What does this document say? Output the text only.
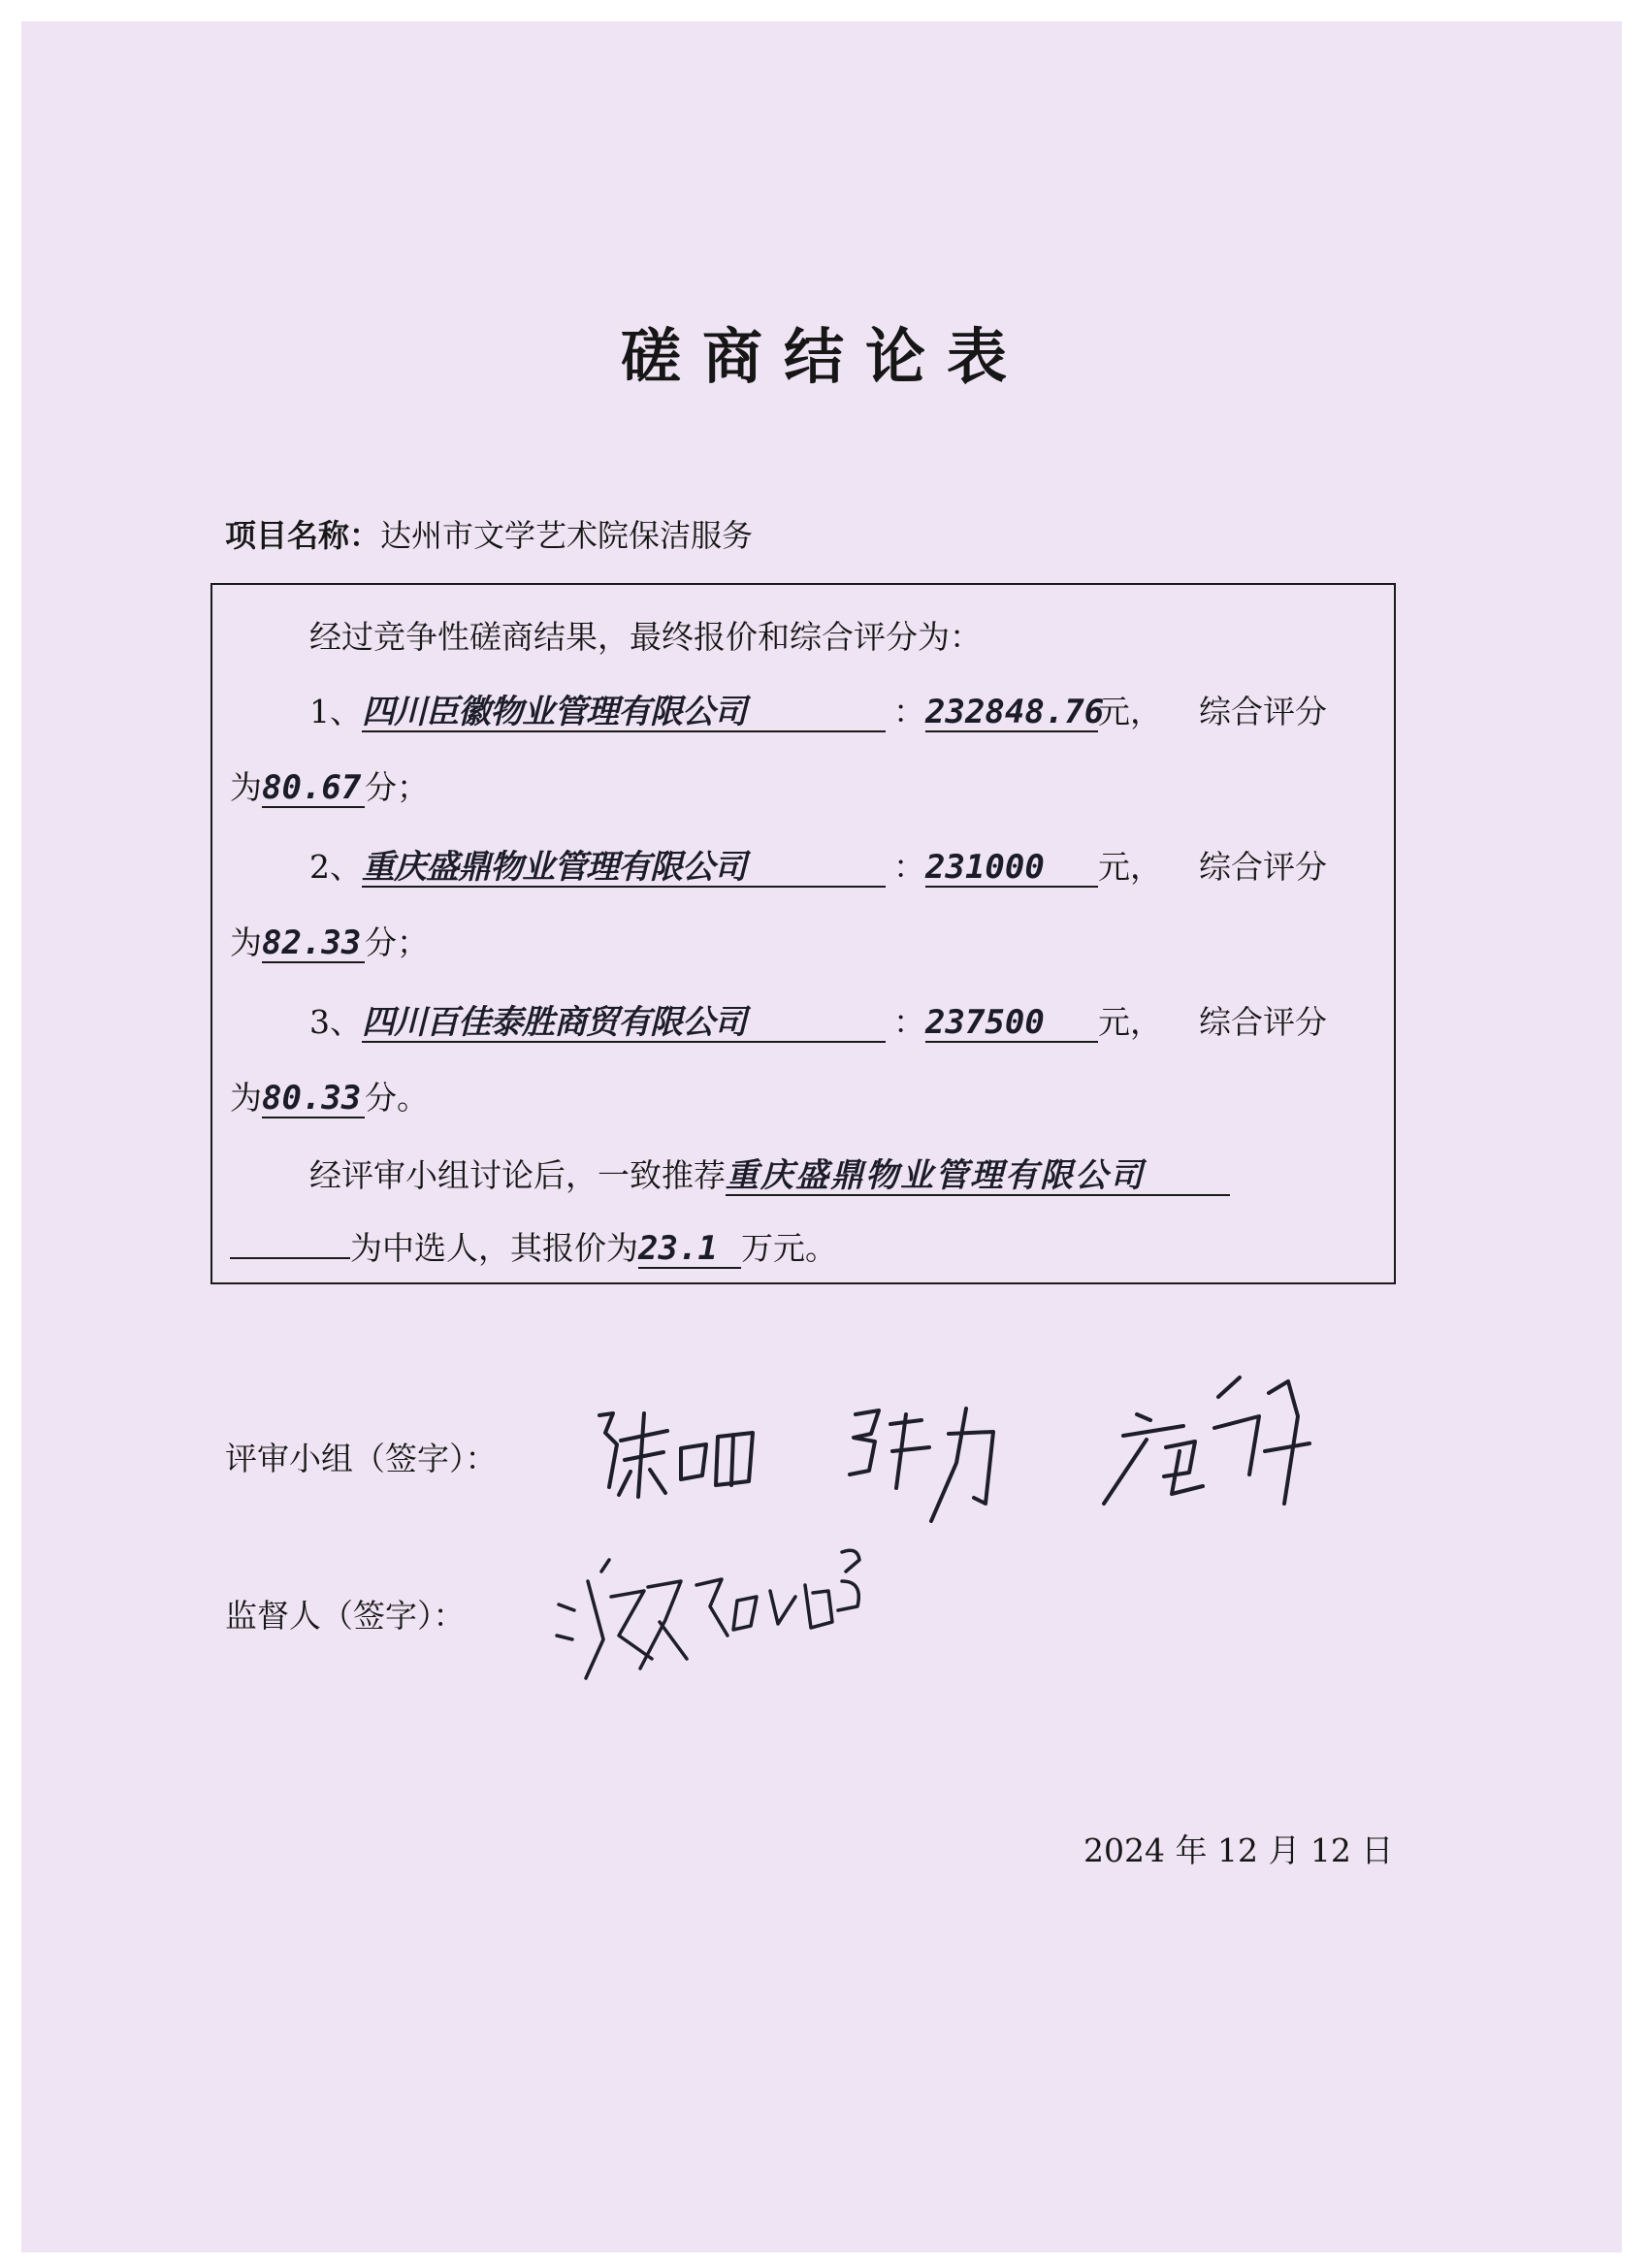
磋商结论表
项目名称：达州市文学艺术院保洁服务
经过竞争性磋商结果，最终报价和综合评分为：
1、四川臣徽物业管理有限公司	：232848.76元， 综合评分
为80.67 分；
2、重庆盛鼎物业管理有限公司	：231000 元， 综合评分
为82.33 分；
3、四川百佳泰胜商贸有限公司	：237500 元， 综合评分
为80.33 分。
经评审小组讨论后，一致推荐重庆盛鼎物业管理有限公司
为中选人，其报价为23.1 万元。
评审小组（签字）：
监督人（签字）：
2024 年 12 月 12 日
